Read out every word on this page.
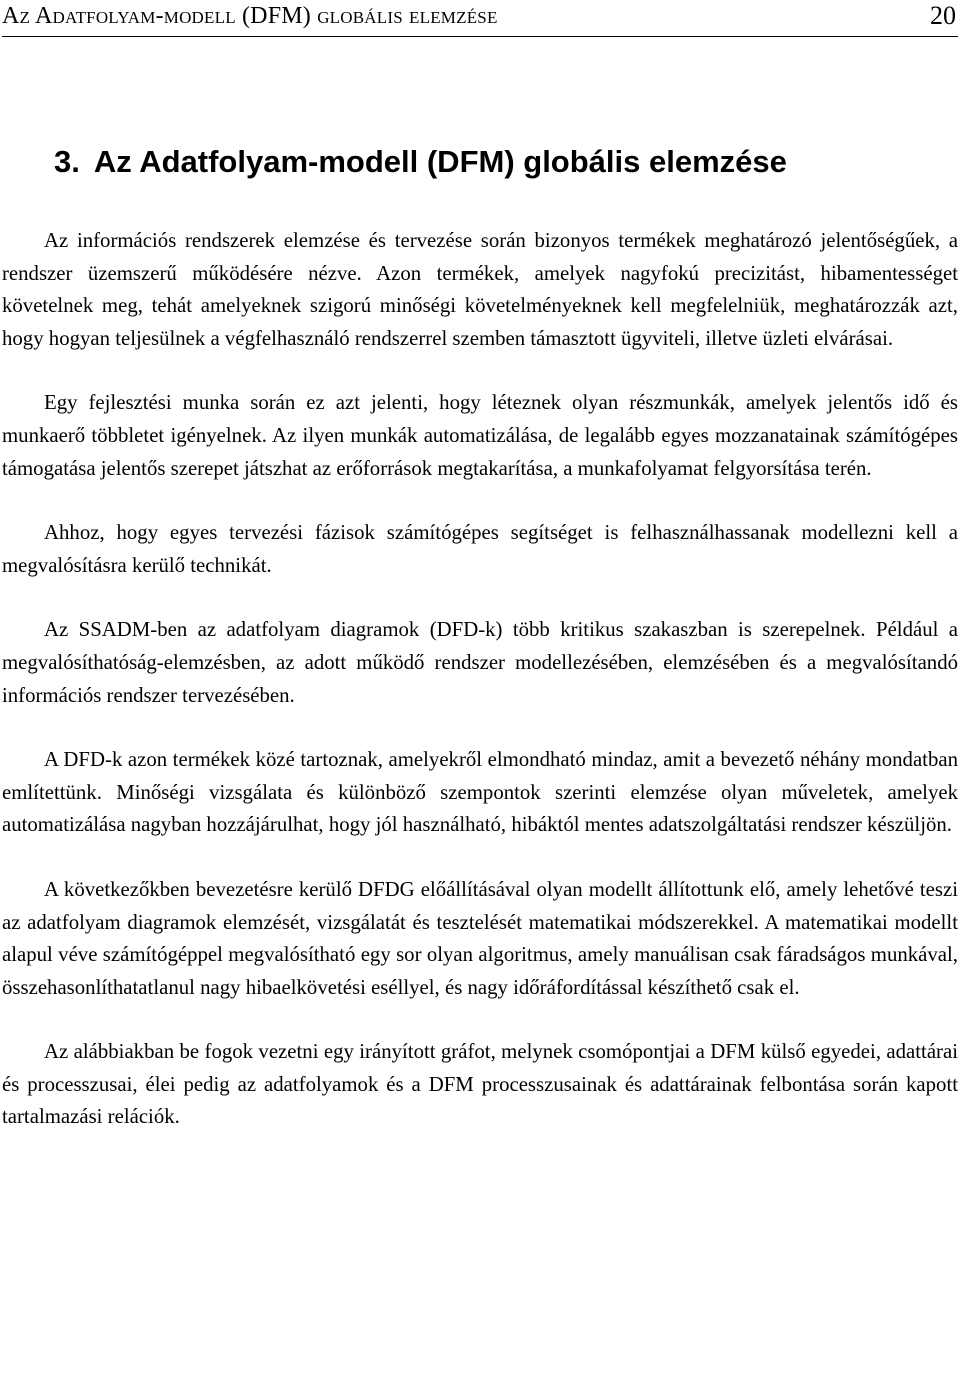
Az Adatfolyam-modell (DFM) globális elemzése	20
3. Az Adatfolyam-modell (DFM) globális elemzése

Az információs rendszerek elemzése és tervezése során bizonyos termékek meghatározó jelentőségűek, a rendszer üzemszerű működésére nézve. Azon termékek, amelyek nagyfokú precizitást, hibamentességet követelnek meg, tehát amelyeknek szigorú minőségi követelményeknek kell megfelelniük, meghatározzák azt, hogy hogyan teljesülnek a végfelhasználó rendszerrel szemben támasztott ügyviteli, illetve üzleti elvárásai.

Egy fejlesztési munka során ez azt jelenti, hogy léteznek olyan részmunkák, amelyek jelentős idő és munkaerő többletet igényelnek. Az ilyen munkák automatizálása, de legalább egyes mozzanatainak számítógépes támogatása jelentős szerepet játszhat az erőforrások megtakarítása, a munkafolyamat felgyorsítása terén.

Ahhoz, hogy egyes tervezési fázisok számítógépes segítséget is felhasználhassanak modellezni kell a megvalósításra kerülő technikát.

Az SSADM-ben az adatfolyam diagramok (DFD-k) több kritikus szakaszban is szerepelnek. Például a megvalósíthatóság-elemzésben, az adott működő rendszer modellezésében, elemzésében és a megvalósítandó információs rendszer tervezésében.

A DFD-k azon termékek közé tartoznak, amelyekről elmondható mindaz, amit a bevezető néhány mondatban említettünk. Minőségi vizsgálata és különböző szempontok szerinti elemzése olyan műveletek, amelyek automatizálása nagyban hozzájárulhat, hogy jól használható, hibáktól mentes adatszolgáltatási rendszer készüljön.

A következőkben bevezetésre kerülő DFDG előállításával olyan modellt állítottunk elő, amely lehetővé teszi az adatfolyam diagramok elemzését, vizsgálatát és tesztelését matematikai módszerekkel. A matematikai modellt alapul véve számítógéppel megvalósítható egy sor olyan algoritmus, amely manuálisan csak fáradságos munkával, összehasonlíthatatlanul nagy hibaelkövetési eséllyel, és nagy időráfordítással készíthető csak el.

Az alábbiakban be fogok vezetni egy irányított gráfot, melynek csomópontjai a DFM külső egyedei, adattárai és processzusai, élei pedig az adatfolyamok és a DFM processzusainak és adattárainak felbontása során kapott tartalmazási relációk.
